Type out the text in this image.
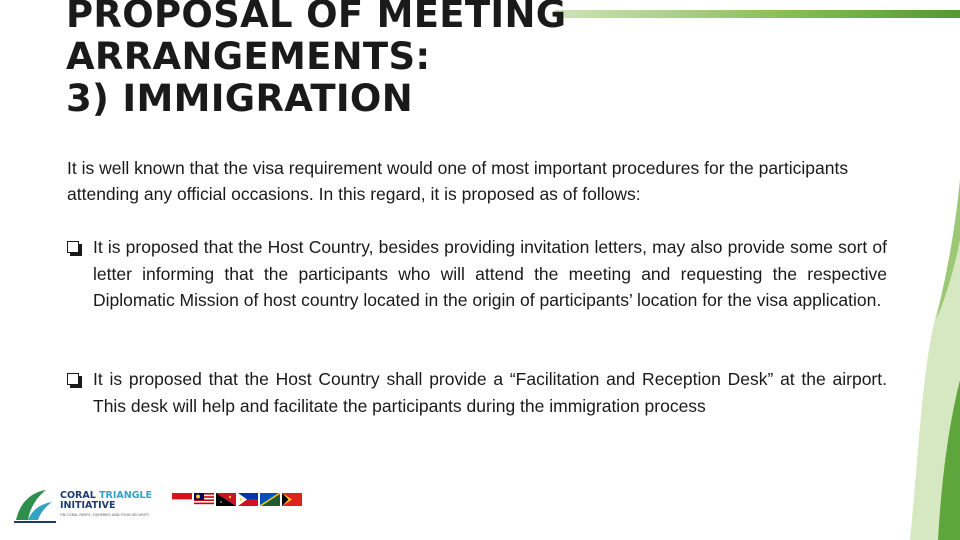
PROPOSAL OF MEETING
ARRANGEMENTS:
3) IMMIGRATION

It is well known that the visa requirement would one of most important procedures for the participants attending any official occasions. In this regard, it is proposed as of follows:

It is proposed that the Host Country, besides providing invitation letters, may also provide some sort of letter informing that the participants who will attend the meeting and requesting the respective Diplomatic Mission of host country located in the origin of participants’ location for the visa application.
It is proposed that the Host Country shall provide a “Facilitation and Reception Desk” at the airport. This desk will help and facilitate the participants during the immigration process
CORAL TRIANGLE
INITIATIVE
ON CORAL REEFS, FISHERIES AND FOOD SECURITY
